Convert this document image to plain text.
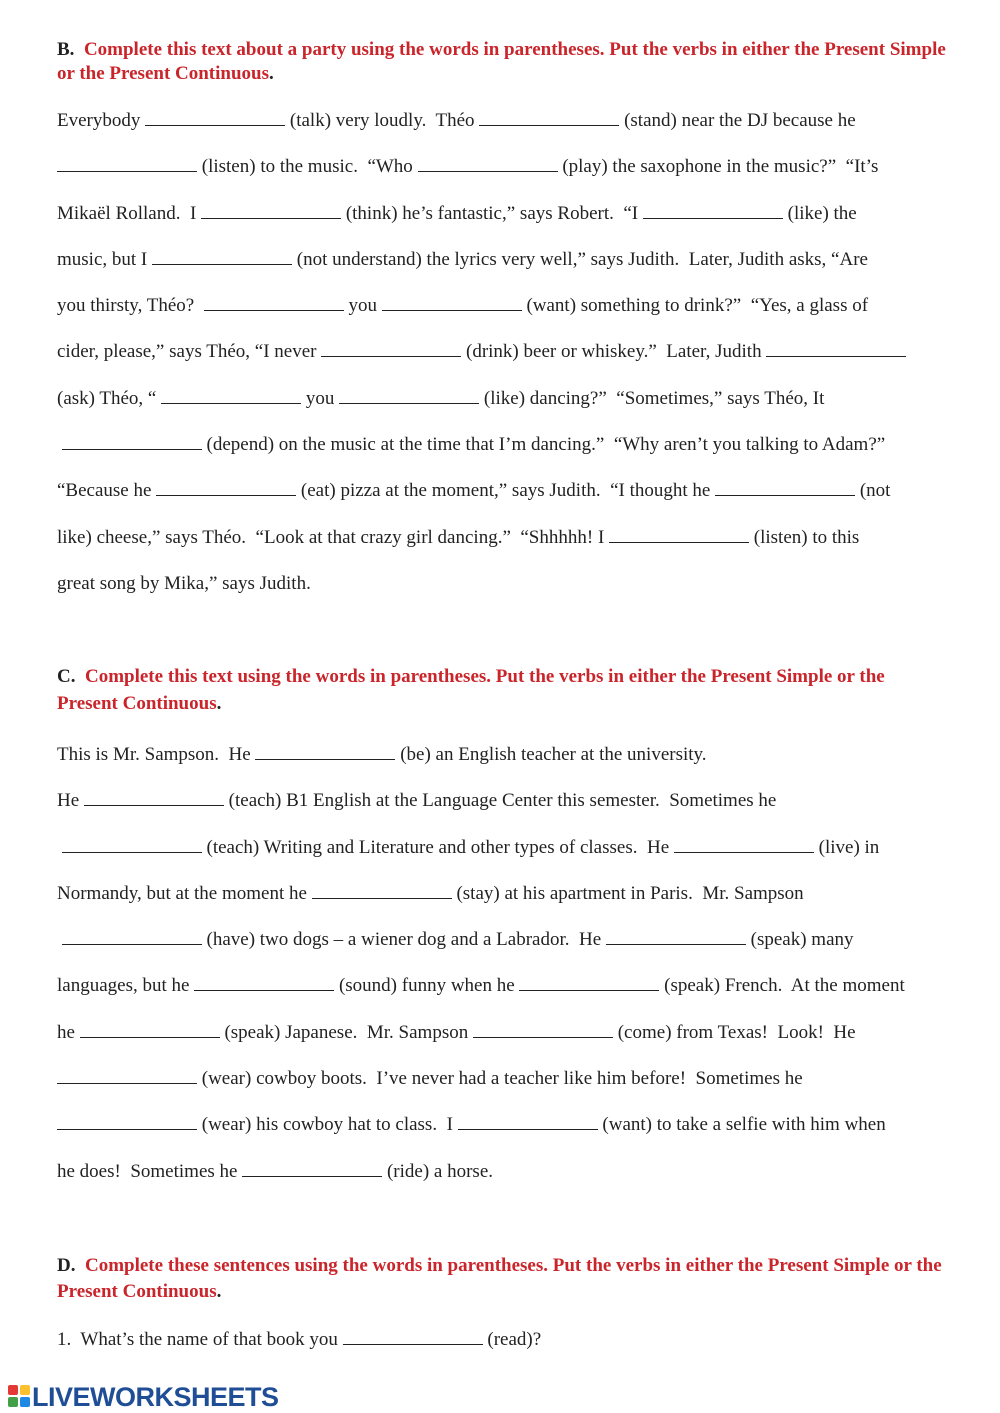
B. Complete this text about a party using the words in parentheses. Put the verbs in either the Present Simple or the Present Continuous.

Everybody	(talk) very loudly.  Théo	(stand) near the DJ because he
(listen) to the music.  “Who	(play) the saxophone in the music?”  “It’s
Mikaël Rolland.  I	(think) he’s fantastic,” says Robert.  “I	(like) the
music, but I	(not understand) the lyrics very well,” says Judith.  Later, Judith asks, “Are
you thirsty, Théo?	you	(want) something to drink?”  “Yes, a glass of
cider, please,” says Théo, “I never	(drink) beer or whiskey.”  Later, Judith
(ask) Théo, “	you	(like) dancing?”  “Sometimes,” says Théo, It
(depend) on the music at the time that I’m dancing.”  “Why aren’t you talking to Adam?”
“Because he	(eat) pizza at the moment,” says Judith.  “I thought he	(not
like) cheese,” says Théo.  “Look at that crazy girl dancing.”  “Shhhhh! I	(listen) to this
great song by Mika,” says Judith.

C. Complete this text using the words in parentheses. Put the verbs in either the Present Simple or the Present Continuous.

This is Mr. Sampson.  He	(be) an English teacher at the university.
He	(teach) B1 English at the Language Center this semester.  Sometimes he
(teach) Writing and Literature and other types of classes.  He	(live) in
Normandy, but at the moment he	(stay) at his apartment in Paris.  Mr. Sampson
(have) two dogs – a wiener dog and a Labrador.  He	(speak) many
languages, but he	(sound) funny when he	(speak) French.  At the moment
he	(speak) Japanese.  Mr. Sampson	(come) from Texas!  Look!  He
(wear) cowboy boots.  I’ve never had a teacher like him before!  Sometimes he
(wear) his cowboy hat to class.  I	(want) to take a selfie with him when
he does!  Sometimes he	(ride) a horse.

D. Complete these sentences using the words in parentheses. Put the verbs in either the Present Simple or the Present Continuous.

1.  What’s the name of that book you	(read)?
LIVEWORKSHEETS
